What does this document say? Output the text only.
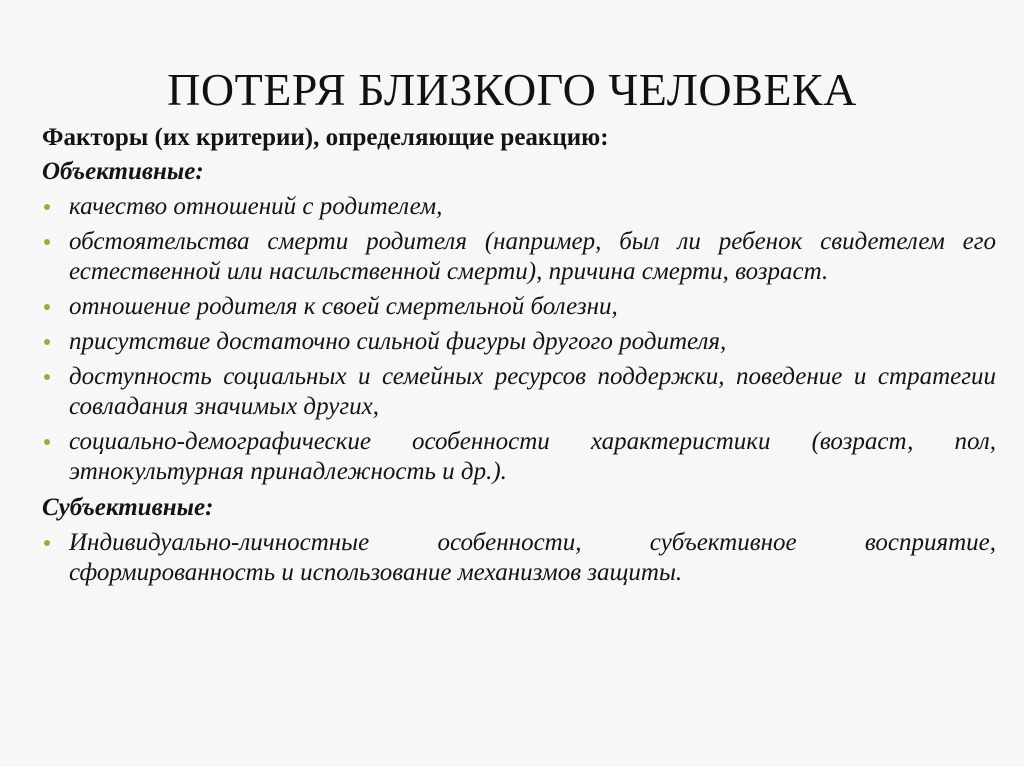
ПОТЕРЯ БЛИЗКОГО ЧЕЛОВЕКА
Факторы (их критерии), определяющие реакцию:
Объективные:
качество отношений с родителем,
обстоятельства смерти родителя (например, был ли ребенок свидетелем его естественной или насильственной смерти), причина смерти, возраст.
отношение родителя к своей смертельной болезни,
присутствие достаточно сильной фигуры другого родителя,
доступность социальных и семейных ресурсов поддержки, поведение и стратегии совладания значимых других,
социально-демографические особенности характеристики (возраст, пол, этнокультурная принадлежность и др.).
Субъективные:
Индивидуально-личностные особенности, субъективное восприятие, сформированность и использование механизмов защиты.
